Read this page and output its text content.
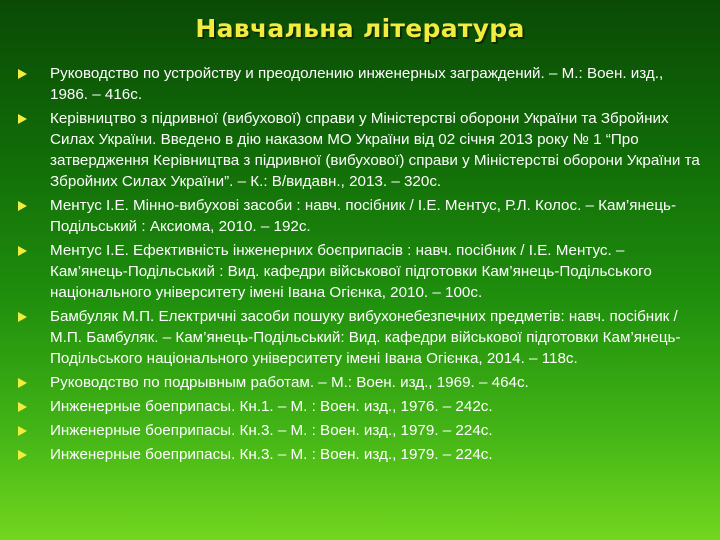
Навчальна література
Руководство по устройству и преодолению инженерных заграждений. – М.: Воен. изд., 1986. – 416с.
Керівництво з підривної (вибухової) справи у Міністерстві оборони України та Збройних Силах України. Введено в дію наказом МО України від 02 січня 2013 року № 1 “Про затвердження Керівництва з підривної (вибухової) справи у Міністерстві оборони України та Збройних Силах України”. – К.: В/видавн., 2013. – 320с.
Ментус І.Е. Мінно-вибухові засоби : навч. посібник / І.Е. Ментус, Р.Л. Колос. – Кам’янець-Подільський : Аксиома, 2010. – 192с.
Ментус І.Е. Ефективність інженерних боєприпасів : навч. посібник / І.Е. Ментус. – Кам’янець-Подільський : Вид. кафедри військової підготовки Кам’янець-Подільського національного університету імені Івана Огієнка, 2010. – 100с.
Бамбуляк М.П. Електричні засоби пошуку вибухонебезпечних предметів: навч. посібник / М.П. Бамбуляк. – Кам’янець-Подільський: Вид. кафедри військової підготовки Кам’янець-Подільського національного університету імені Івана Огієнка, 2014. – 118с.
Руководство по подрывным работам. – М.: Воен. изд., 1969. – 464с.
Инженерные боеприпасы. Кн.1. – М. : Воен. изд., 1976. – 242с.
Инженерные боеприпасы. Кн.3. – М. : Воен. изд., 1979. – 224с.
Инженерные боеприпасы. Кн.3. – М. : Воен. изд., 1979. – 224с.
